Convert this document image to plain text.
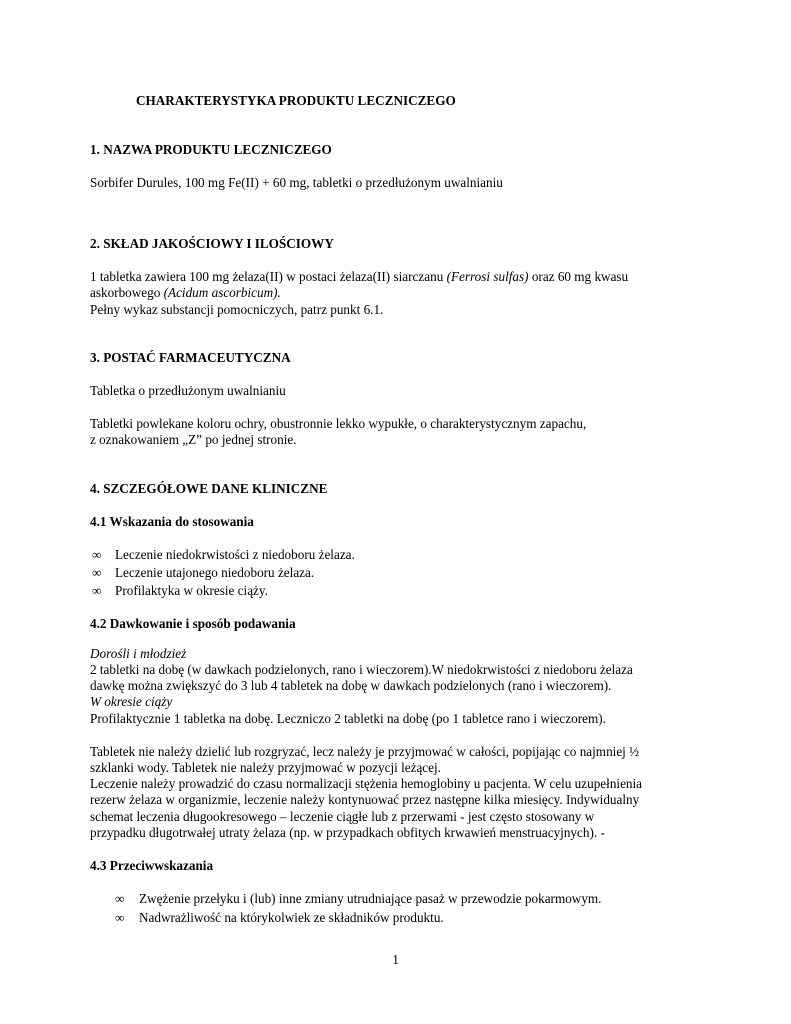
CHARAKTERYSTYKA PRODUKTU LECZNICZEGO
1. NAZWA PRODUKTU LECZNICZEGO
Sorbifer Durules, 100 mg Fe(II) + 60 mg, tabletki o przedłużonym uwalnianiu
2. SKŁAD JAKOŚCIOWY I ILOŚCIOWY
1 tabletka zawiera 100 mg żelaza(II) w postaci żelaza(II) siarczanu (Ferrosi sulfas) oraz 60 mg kwasu
askorbowego (Acidum ascorbicum).
Pełny wykaz substancji pomocniczych, patrz punkt 6.1.
3. POSTAĆ FARMACEUTYCZNA
Tabletka o przedłużonym uwalnianiu
Tabletki powlekane koloru ochry, obustronnie lekko wypukłe, o charakterystycznym zapachu,
z oznakowaniem „Z” po jednej stronie.
4. SZCZEGÓŁOWE DANE KLINICZNE
4.1 Wskazania do stosowania
∞ Leczenie niedokrwistości z niedoboru żelaza.
∞ Leczenie utajonego niedoboru żelaza.
∞ Profilaktyka w okresie ciąży.
4.2 Dawkowanie i sposób podawania
Dorośli i młodzież
2 tabletki na dobę (w dawkach podzielonych, rano i wieczorem).W niedokrwistości z niedoboru żelaza
dawkę można zwiększyć do 3 lub 4 tabletek na dobę w dawkach podzielonych (rano i wieczorem).
W okresie ciąży
Profilaktycznie 1 tabletka na dobę. Leczniczo 2 tabletki na dobę (po 1 tabletce rano i wieczorem).
Tabletek nie należy dzielić lub rozgryzać, lecz należy je przyjmować w całości, popijając co najmniej ½
szklanki wody. Tabletek nie należy przyjmować w pozycji leżącej.
Leczenie należy prowadzić do czasu normalizacji stężenia hemoglobiny u pacjenta. W celu uzupełnienia
rezerw żelaza w organizmie, leczenie należy kontynuować przez następne kilka miesięcy. Indywidualny
schemat leczenia długookresowego – leczenie ciągłe lub z przerwami - jest często stosowany w
przypadku długotrwałej utraty żelaza (np. w przypadkach obfitych krwawień menstruacyjnych). -
4.3 Przeciwwskazania
∞ Zwężenie przełyku i (lub) inne zmiany utrudniające pasaż w przewodzie pokarmowym.
∞ Nadwrażliwość na którykolwiek ze składników produktu.
1
